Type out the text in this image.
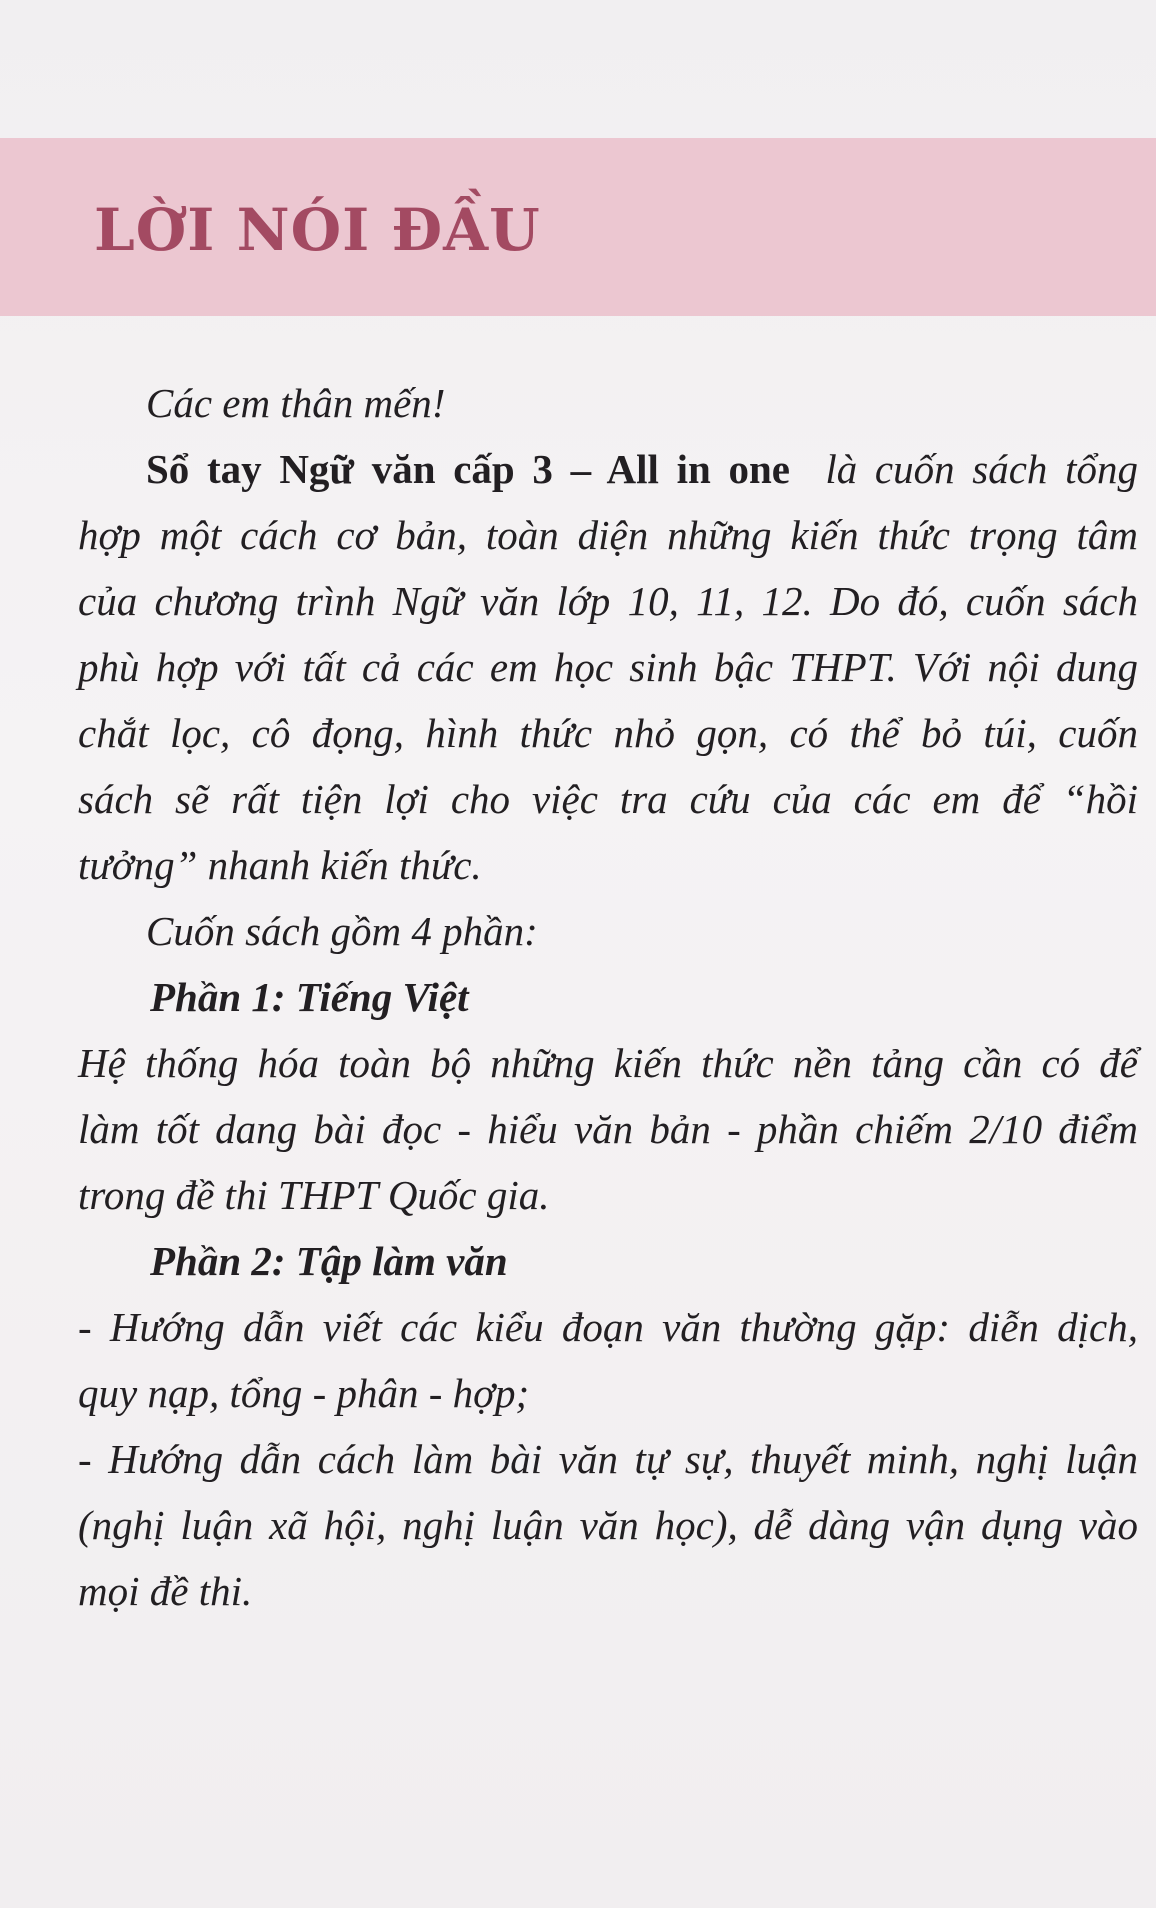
LỜI NÓI ĐẦU
Các em thân mến!
Sổ tay Ngữ văn cấp 3 – All in one là cuốn sách tổng
hợp một cách cơ bản, toàn diện những kiến thức trọng tâm
của chương trình Ngữ văn lớp 10, 11, 12. Do đó, cuốn sách
phù hợp với tất cả các em học sinh bậc THPT. Với nội dung
chắt lọc, cô đọng, hình thức nhỏ gọn, có thể bỏ túi, cuốn
sách sẽ rất tiện lợi cho việc tra cứu của các em để “hồi
tưởng” nhanh kiến thức.
Cuốn sách gồm 4 phần:
Phần 1: Tiếng Việt
Hệ thống hóa toàn bộ những kiến thức nền tảng cần có để
làm tốt dang bài đọc - hiểu văn bản - phần chiếm 2/10 điểm
trong đề thi THPT Quốc gia.
Phần 2: Tập làm văn
- Hướng dẫn viết các kiểu đoạn văn thường gặp: diễn dịch,
quy nạp, tổng - phân - hợp;
- Hướng dẫn cách làm bài văn tự sự, thuyết minh, nghị luận
(nghị luận xã hội, nghị luận văn học), dễ dàng vận dụng vào
mọi đề thi.
